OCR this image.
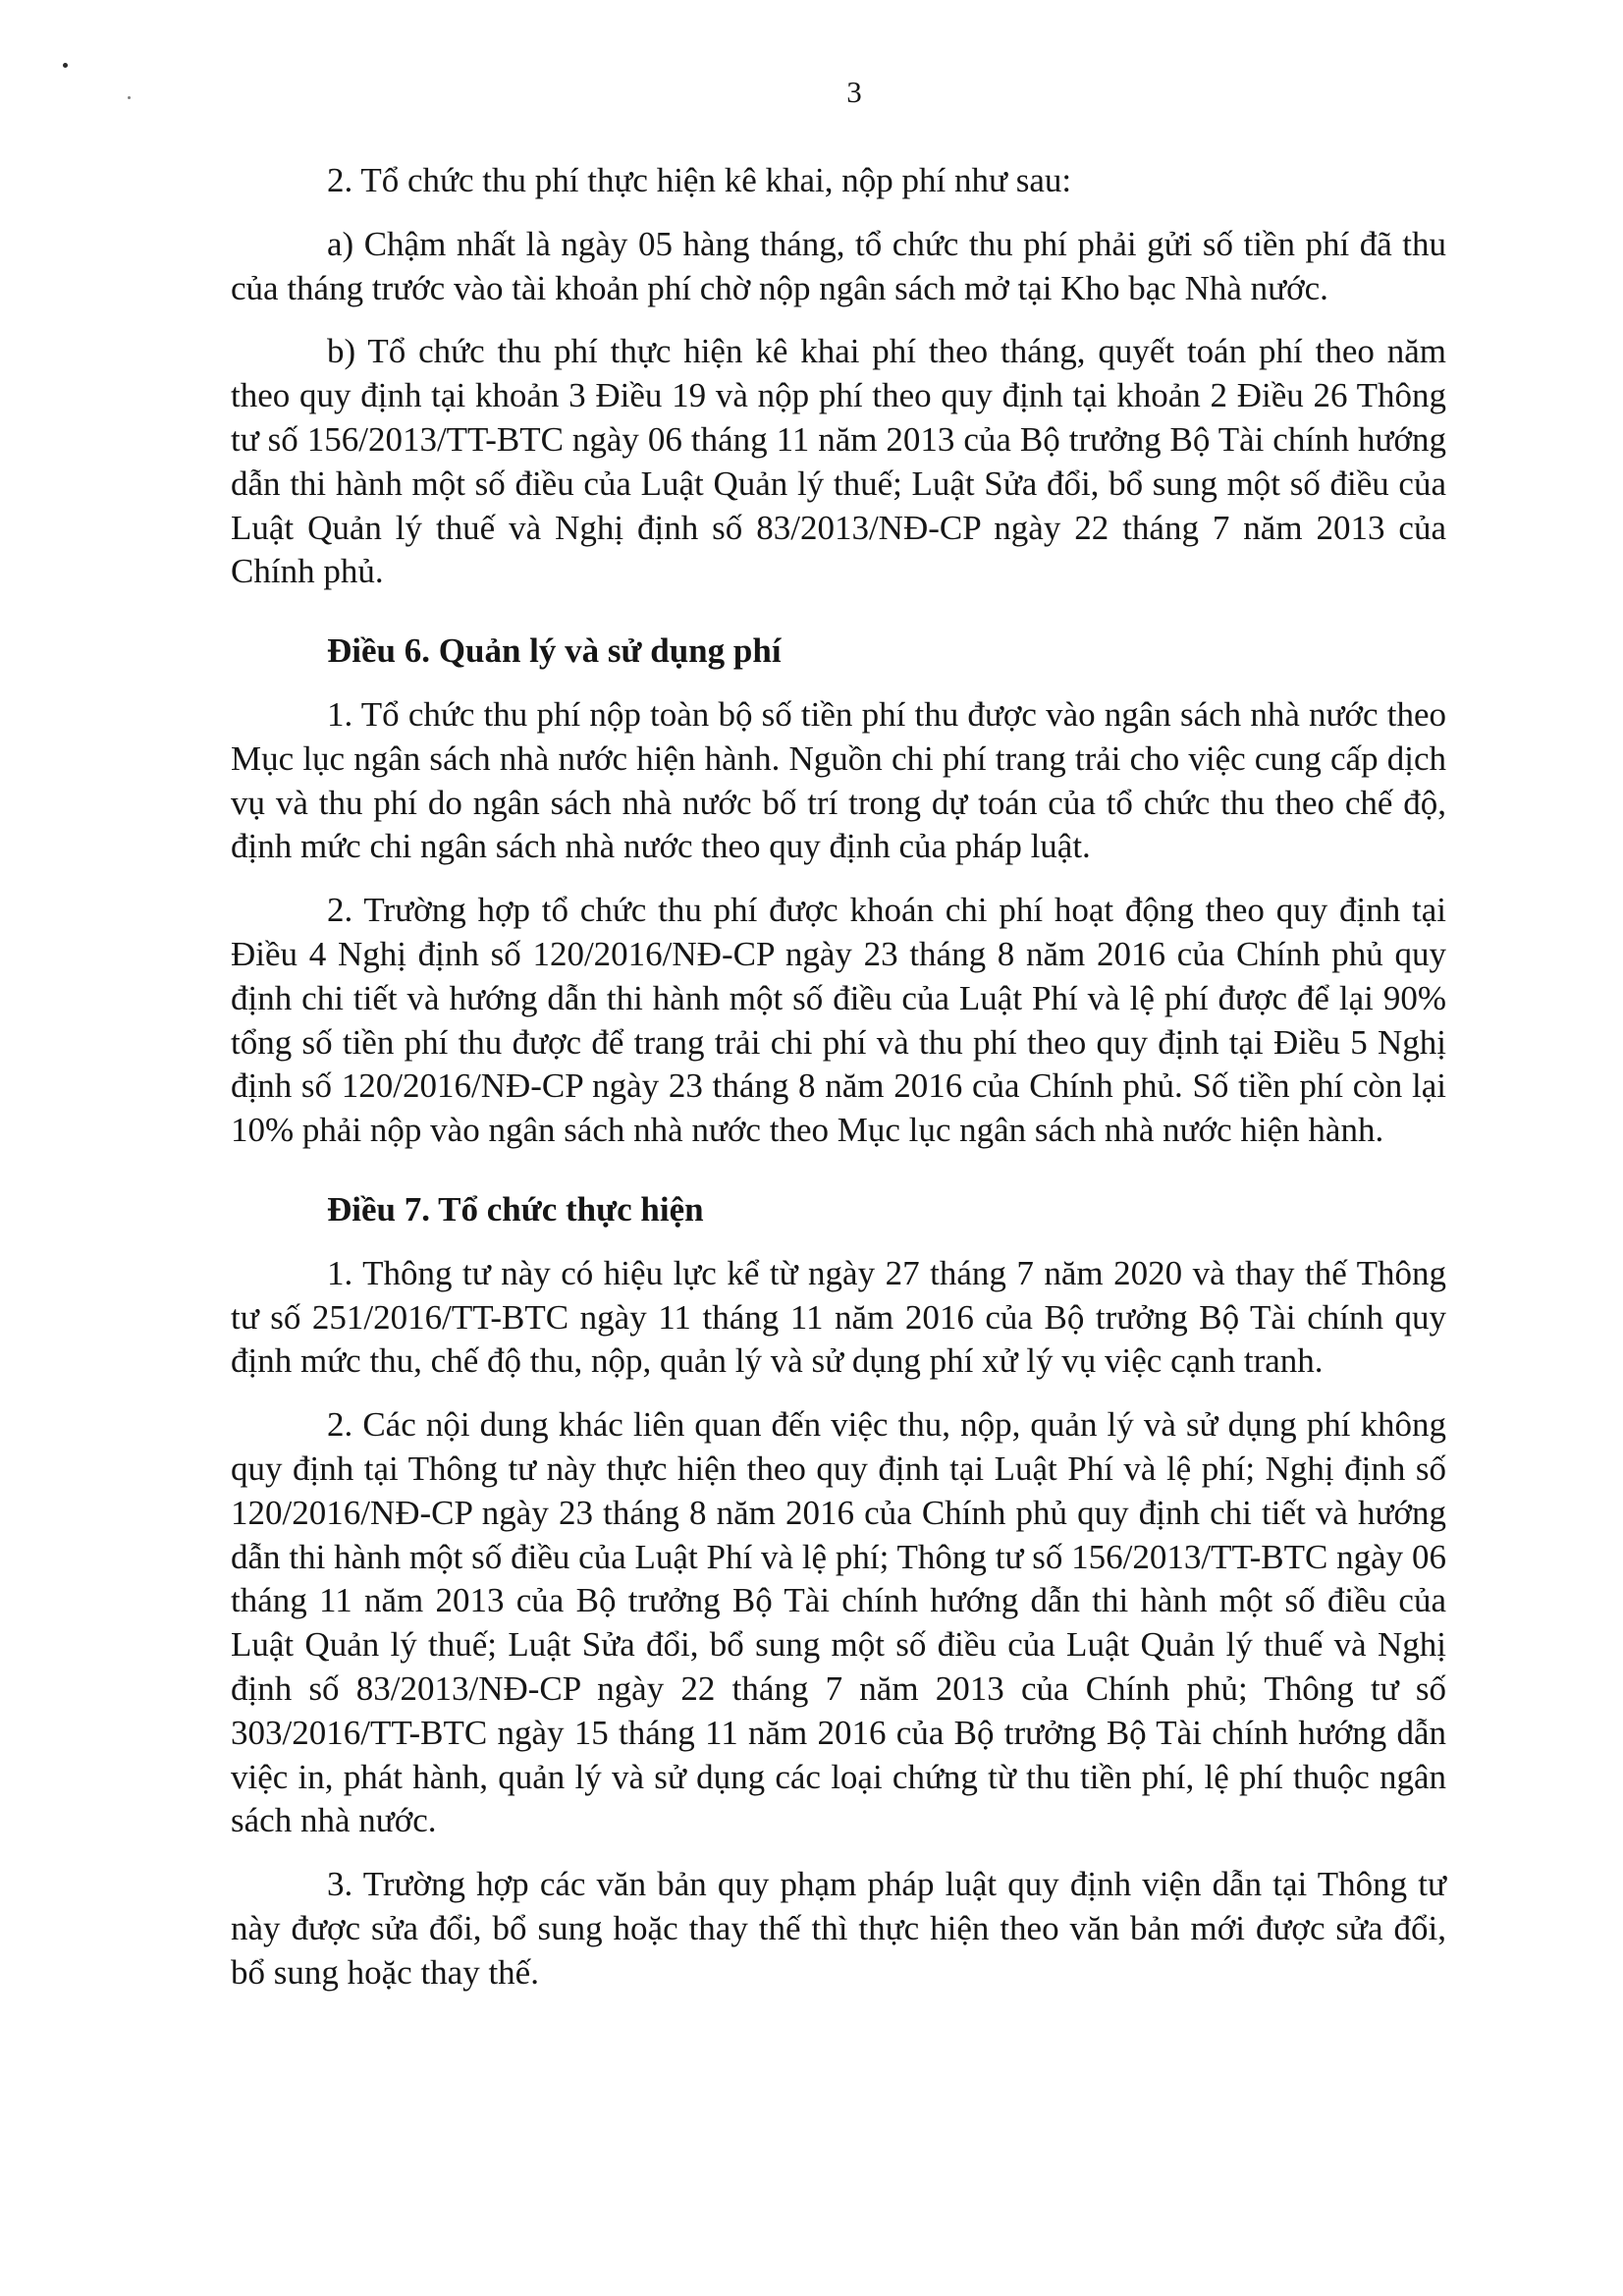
3

2. Tổ chức thu phí thực hiện kê khai, nộp phí như sau:

a) Chậm nhất là ngày 05 hàng tháng, tổ chức thu phí phải gửi số tiền phí đã thu của tháng trước vào tài khoản phí chờ nộp ngân sách mở tại Kho bạc Nhà nước.

b) Tổ chức thu phí thực hiện kê khai phí theo tháng, quyết toán phí theo năm theo quy định tại khoản 3 Điều 19 và nộp phí theo quy định tại khoản 2 Điều 26 Thông tư số 156/2013/TT-BTC ngày 06 tháng 11 năm 2013 của Bộ trưởng Bộ Tài chính hướng dẫn thi hành một số điều của Luật Quản lý thuế; Luật Sửa đổi, bổ sung một số điều của Luật Quản lý thuế và Nghị định số 83/2013/NĐ-CP ngày 22 tháng 7 năm 2013 của Chính phủ.

Điều 6. Quản lý và sử dụng phí

1. Tổ chức thu phí nộp toàn bộ số tiền phí thu được vào ngân sách nhà nước theo Mục lục ngân sách nhà nước hiện hành. Nguồn chi phí trang trải cho việc cung cấp dịch vụ và thu phí do ngân sách nhà nước bố trí trong dự toán của tổ chức thu theo chế độ, định mức chi ngân sách nhà nước theo quy định của pháp luật.

2. Trường hợp tổ chức thu phí được khoán chi phí hoạt động theo quy định tại Điều 4 Nghị định số 120/2016/NĐ-CP ngày 23 tháng 8 năm 2016 của Chính phủ quy định chi tiết và hướng dẫn thi hành một số điều của Luật Phí và lệ phí được để lại 90% tổng số tiền phí thu được để trang trải chi phí và thu phí theo quy định tại Điều 5 Nghị định số 120/2016/NĐ-CP ngày 23 tháng 8 năm 2016 của Chính phủ. Số tiền phí còn lại 10% phải nộp vào ngân sách nhà nước theo Mục lục ngân sách nhà nước hiện hành.

Điều 7. Tổ chức thực hiện

1. Thông tư này có hiệu lực kể từ ngày 27 tháng 7 năm 2020 và thay thế Thông tư số 251/2016/TT-BTC ngày 11 tháng 11 năm 2016 của Bộ trưởng Bộ Tài chính quy định mức thu, chế độ thu, nộp, quản lý và sử dụng phí xử lý vụ việc cạnh tranh.

2. Các nội dung khác liên quan đến việc thu, nộp, quản lý và sử dụng phí không quy định tại Thông tư này thực hiện theo quy định tại Luật Phí và lệ phí; Nghị định số 120/2016/NĐ-CP ngày 23 tháng 8 năm 2016 của Chính phủ quy định chi tiết và hướng dẫn thi hành một số điều của Luật Phí và lệ phí; Thông tư số 156/2013/TT-BTC ngày 06 tháng 11 năm 2013 của Bộ trưởng Bộ Tài chính hướng dẫn thi hành một số điều của Luật Quản lý thuế; Luật Sửa đổi, bổ sung một số điều của Luật Quản lý thuế và Nghị định số 83/2013/NĐ-CP ngày 22 tháng 7 năm 2013 của Chính phủ; Thông tư số 303/2016/TT-BTC ngày 15 tháng 11 năm 2016 của Bộ trưởng Bộ Tài chính hướng dẫn việc in, phát hành, quản lý và sử dụng các loại chứng từ thu tiền phí, lệ phí thuộc ngân sách nhà nước.

3. Trường hợp các văn bản quy phạm pháp luật quy định viện dẫn tại Thông tư này được sửa đổi, bổ sung hoặc thay thế thì thực hiện theo văn bản mới được sửa đổi, bổ sung hoặc thay thế.
